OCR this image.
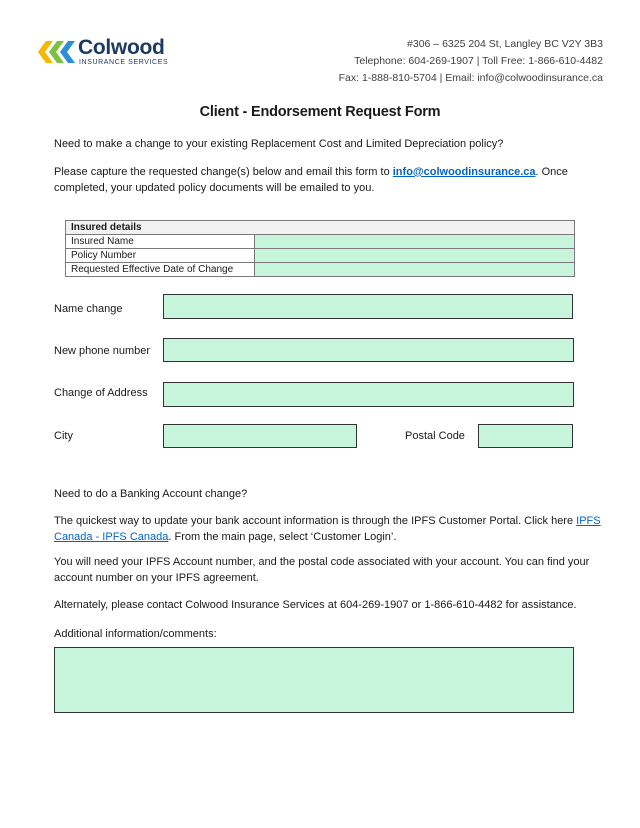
Colwood
INSURANCE SERVICES
#306 – 6325 204 St, Langley BC V2Y 3B3
Telephone: 604-269-1907 | Toll Free: 1-866-610-4482
Fax: 1-888-810-5704 | Email: info@colwoodinsurance.ca
Client - Endorsement Request Form
Need to make a change to your existing Replacement Cost and Limited Depreciation policy?
Please capture the requested change(s) below and email this form to info@colwoodinsurance.ca. Once completed, your updated policy documents will be emailed to you.
Insured details	
Insured Name	
Policy Number	
Requested Effective Date of Change	
Name change
New phone number
Change of Address
City	Postal Code
Need to do a Banking Account change?
The quickest way to update your bank account information is through the IPFS Customer Portal. Click here IPFS Canada - IPFS Canada. From the main page, select ‘Customer Login’.
You will need your IPFS Account number, and the postal code associated with your account. You can find your account number on your IPFS agreement.
Alternately, please contact Colwood Insurance Services at 604-269-1907 or 1-866-610-4482 for assistance.
Additional information/comments:
